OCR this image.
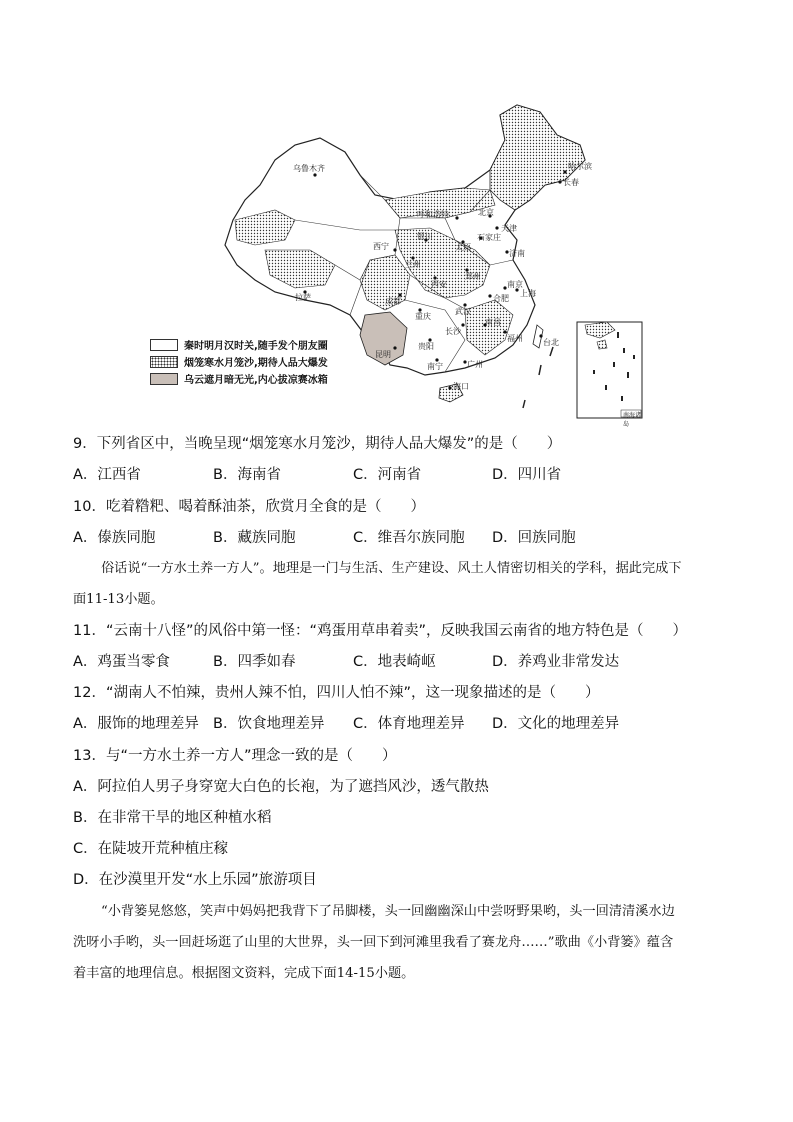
乌鲁木齐	哈尔滨
长春
呼和浩特	北京
天津
石家庄
太原
济南
银川
西宁
兰州
郑州
西安	南京
合肥
上海
拉萨	成都
重庆
武汉
长沙
南昌
福州
贵阳
昆明
南宁	广州
台北
海口
秦时明月汉时关,随手发个朋友圈
烟笼寒水月笼沙,期待人品大爆发
乌云遮月暗无光,内心拔凉赛冰箱
南海诸岛
9．下列省区中，当晚呈现“烟笼寒水月笼沙，期待人品大爆发”的是（　　）
A．江西省	B．海南省	C．河南省	D．四川省
10．吃着糌粑、喝着酥油茶，欣赏月全食的是（　　）
A．傣族同胞	B．藏族同胞	C．维吾尔族同胞 D．回族同胞
俗话说“一方水土养一方人”。地理是一门与生活、生产建设、风土人情密切相关的学科，据此完成下
面11-13小题。
11．“云南十八怪”的风俗中第一怪：“鸡蛋用草串着卖”，反映我国云南省的地方特色是（　　）
A．鸡蛋当零食	B．四季如春	C．地表崎岖	D．养鸡业非常发达
12．“湖南人不怕辣，贵州人辣不怕，四川人怕不辣”，这一现象描述的是（　　）
A．服饰的地理差异 B．饮食地理差异 C．体育地理差异 D．文化的地理差异
13．与“一方水土养一方人”理念一致的是（　　）
A．阿拉伯人男子身穿宽大白色的长袍，为了遮挡风沙，透气散热
B．在非常干旱的地区种植水稻
C．在陡坡开荒种植庄稼
D．在沙漠里开发“水上乐园”旅游项目
“小背篓晃悠悠，笑声中妈妈把我背下了吊脚楼，头一回幽幽深山中尝呀野果哟，头一回清清溪水边
洗呀小手哟，头一回赶场逛了山里的大世界，头一回下到河滩里我看了赛龙舟……”歌曲《小背篓》蕴含
着丰富的地理信息。根据图文资料，完成下面14-15小题。
